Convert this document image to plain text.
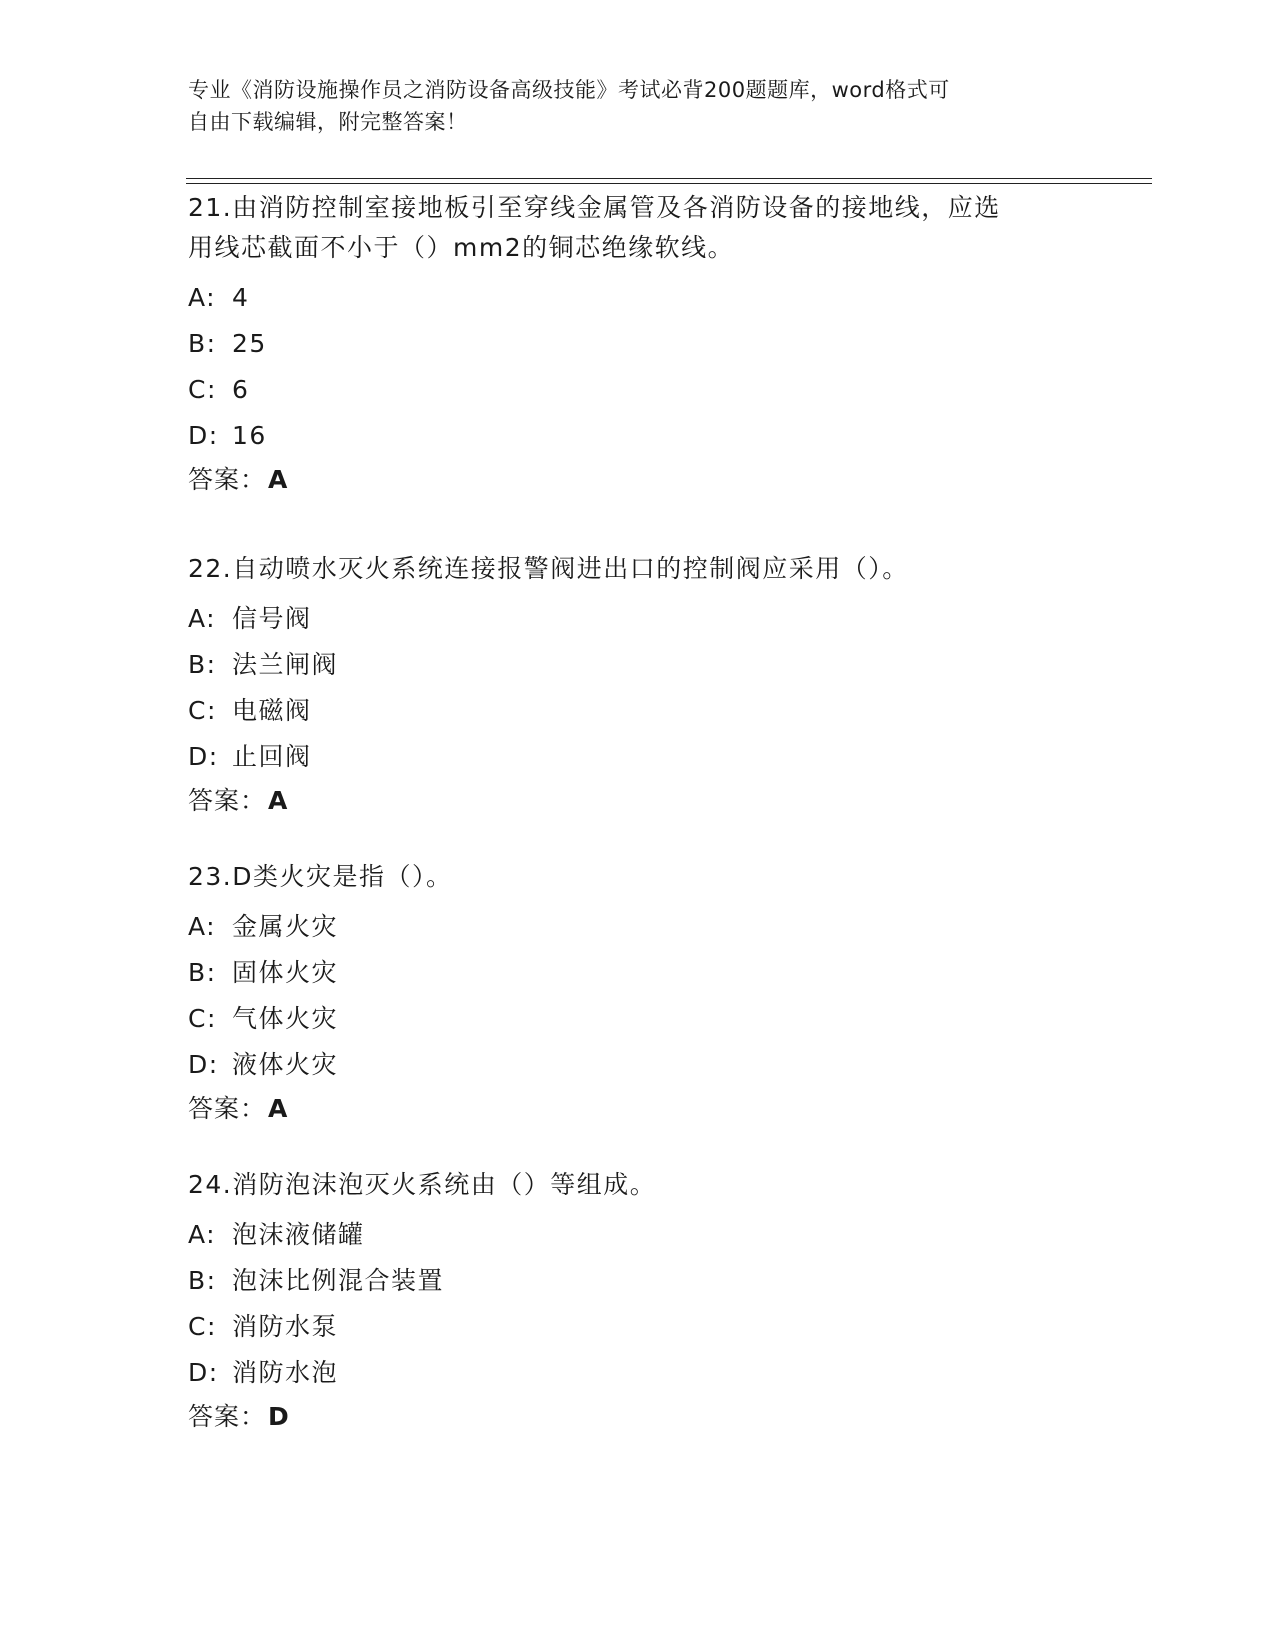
专业《消防设施操作员之消防设备高级技能》考试必背200题题库，word格式可
自由下载编辑，附完整答案！

21.由消防控制室接地板引至穿线金属管及各消防设备的接地线，应选
用线芯截面不小于（）mm2的铜芯绝缘软线。

A: 4
B: 25
C: 6
D: 16
答案：A

22.自动喷水灭火系统连接报警阀进出口的控制阀应采用（）。

A: 信号阀
B: 法兰闸阀
C: 电磁阀
D: 止回阀
答案：A

23.D类火灾是指（）。

A: 金属火灾
B: 固体火灾
C: 气体火灾
D: 液体火灾
答案：A

24.消防泡沫泡灭火系统由（）等组成。

A: 泡沫液储罐
B: 泡沫比例混合装置
C: 消防水泵
D: 消防水泡
答案：D
